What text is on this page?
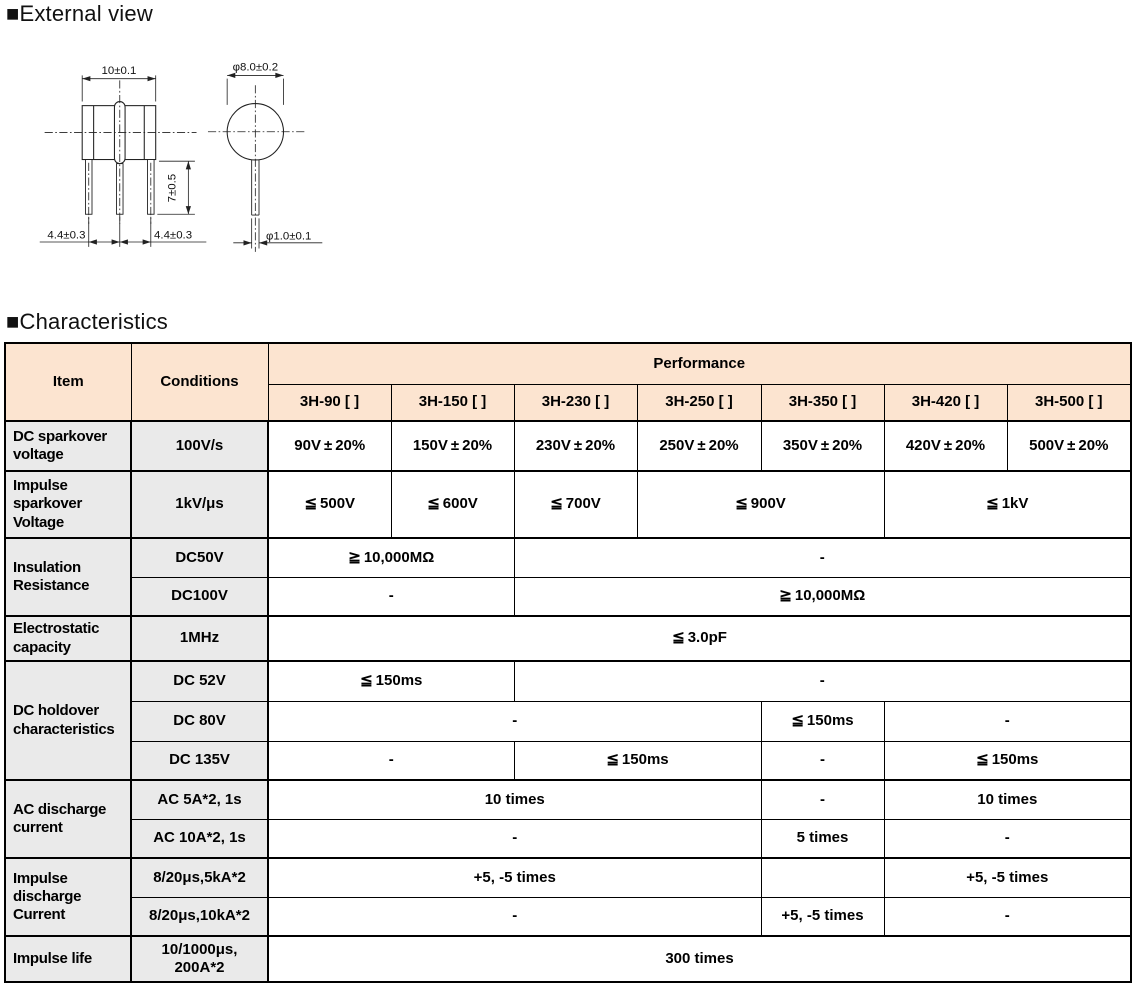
■External view
10±0.1
7±0.5
4.4±0.3	4.4±0.3
φ8.0±0.2
φ1.0±0.1
■Characteristics
Item	Conditions	Performance						
		3H-90 [ ]	3H-150 [ ]	3H-230 [ ]	3H-250 [ ]	3H-350 [ ]	3H-420 [ ]	3H-500 [ ]
DC sparkover voltage	100V/s	90V ± 20%	150V ± 20%	230V ± 20%	250V ± 20%	350V ± 20%	420V ± 20%	500V ± 20%
Impulse sparkover Voltage	1kV/μs	≦ 500V	≦ 600V	≦ 700V	≦ 900V		≦ 1kV	
Insulation Resistance	DC50V	≧ 10,000MΩ		-				
	DC100V	-		≧ 10,000MΩ				
Electrostatic capacity	1MHz	≦ 3.0pF						
DC holdover characteristics	DC 52V	≦ 150ms		-				
	DC 80V	-				≦ 150ms	-	
	DC 135V	-		≦ 150ms		-	≦ 150ms	
AC discharge current	AC 5A*2, 1s	10 times				-	10 times	
	AC 10A*2, 1s	-				5 times	-	
Impulse discharge Current	8/20μs,5kA*2	+5, -5 times					+5, -5 times	
	8/20μs,10kA*2	-				+5, -5 times	-	
Impulse life	10/1000μs, 200A*2	300 times						
